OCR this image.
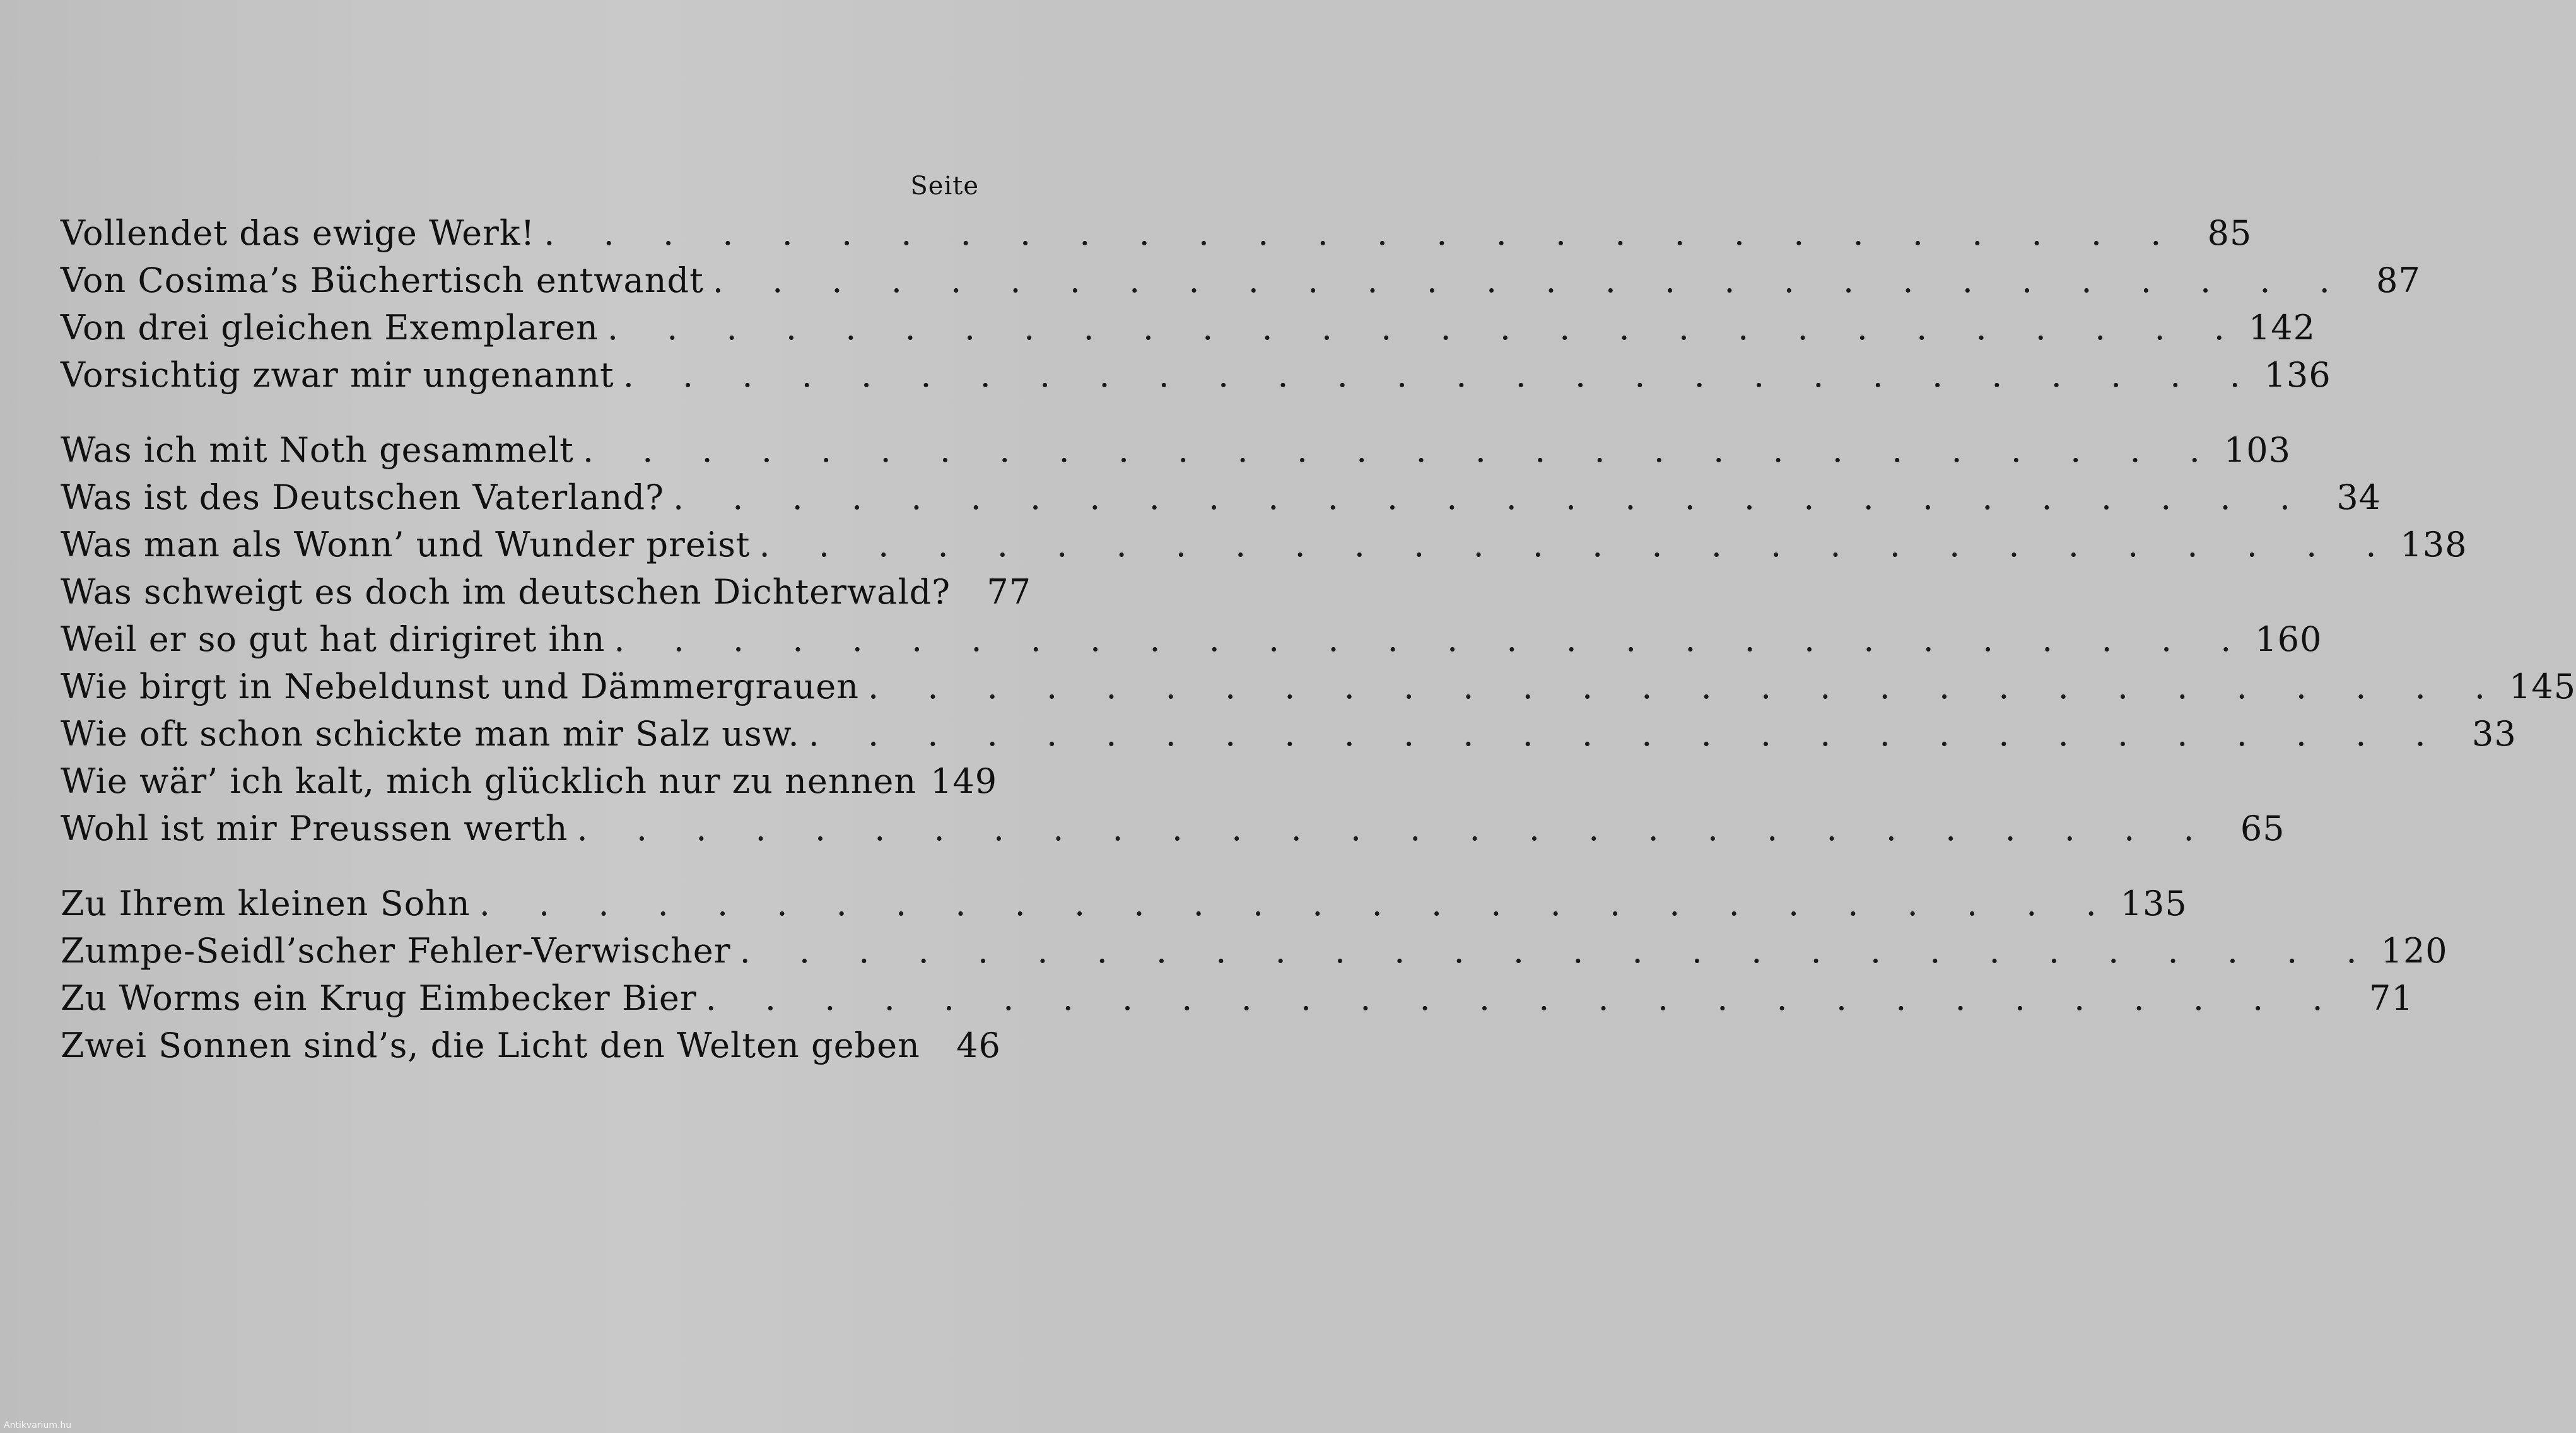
Seite
Vollendet das ewige Werk! . . . . . . . . . . . . . . . . . . . . . . . . . . . . 85
Von Cosima’s Büchertisch entwandt . . . . . . . . . . . . . . . . . . . . . . . . . . . . 87
Von drei gleichen Exemplaren . . . . . . . . . . . . . . . . . . . . . . . . . . . . 142
Vorsichtig zwar mir ungenannt . . . . . . . . . . . . . . . . . . . . . . . . . . . . 136
Was ich mit Noth gesammelt . . . . . . . . . . . . . . . . . . . . . . . . . . . . 103
Was ist des Deutschen Vaterland? . . . . . . . . . . . . . . . . . . . . . . . . . . . . 34
Was man als Wonn’ und Wunder preist . . . . . . . . . . . . . . . . . . . . . . . . . . . . 138
Was schweigt es doch im deutschen Dichterwald?	77
Weil er so gut hat dirigiret ihn . . . . . . . . . . . . . . . . . . . . . . . . . . . . 160
Wie birgt in Nebeldunst und Dämmergrauen . . . . . . . . . . . . . . . . . . . . . . . . . . . . 145
Wie oft schon schickte man mir Salz usw. . . . . . . . . . . . . . . . . . . . . . . . . . . . . 33
Wie wär’ ich kalt, mich glücklich nur zu nennen 149
Wohl ist mir Preussen werth . . . . . . . . . . . . . . . . . . . . . . . . . . . . 65
Zu Ihrem kleinen Sohn . . . . . . . . . . . . . . . . . . . . . . . . . . . . 135
Zumpe-Seidl’scher Fehler-Verwischer . . . . . . . . . . . . . . . . . . . . . . . . . . . . 120
Zu Worms ein Krug Eimbecker Bier . . . . . . . . . . . . . . . . . . . . . . . . . . . . 71
Zwei Sonnen sind’s, die Licht den Welten geben	46
Antikvarium.hu
